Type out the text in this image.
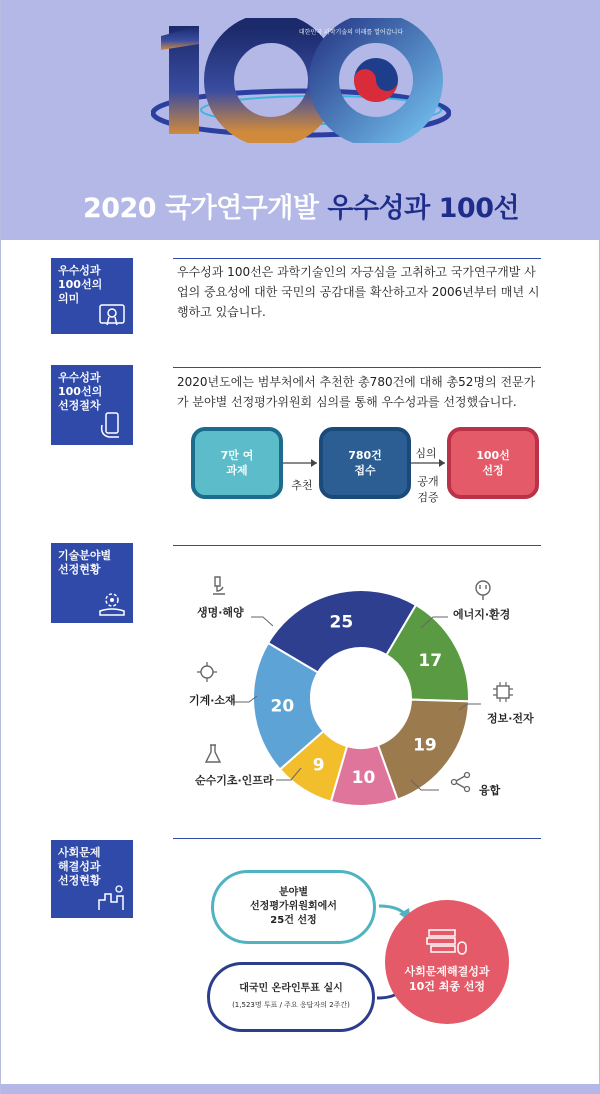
대한민국 과학기술의 미래를 열어갑니다
2020 국가연구개발 우수성과 100선
우수성과
100선의
의미
우수성과 100선은 과학기술인의 자긍심을 고취하고 국가연구개발 사업의 중요성에 대한 국민의 공감대를 확산하고자 2006년부터 매년 시행하고 있습니다.
우수성과
100선의
선정절차
2020년도에는 범부처에서 추천한 총780건에 대해 총52명의 전문가가 분야별 선정평가위원회 심의를 통해 우수성과를 선정했습니다.
7만 여
과제
780건
접수
100선
선정
추천
심의
공개
검증
기술분야별
선정현황
25
17
19
10
9
20
생명·해양	에너지·환경
정보·전자
융합
순수기초·인프라
기계·소재
사회문제
해결성과
선정현황
분야별
선정평가위원회에서
25건 선정

대국민 온라인투표 실시

(1,523명 투표 / 주요 응답자의 2주간)

사회문제해결성과
10건 최종 선정
